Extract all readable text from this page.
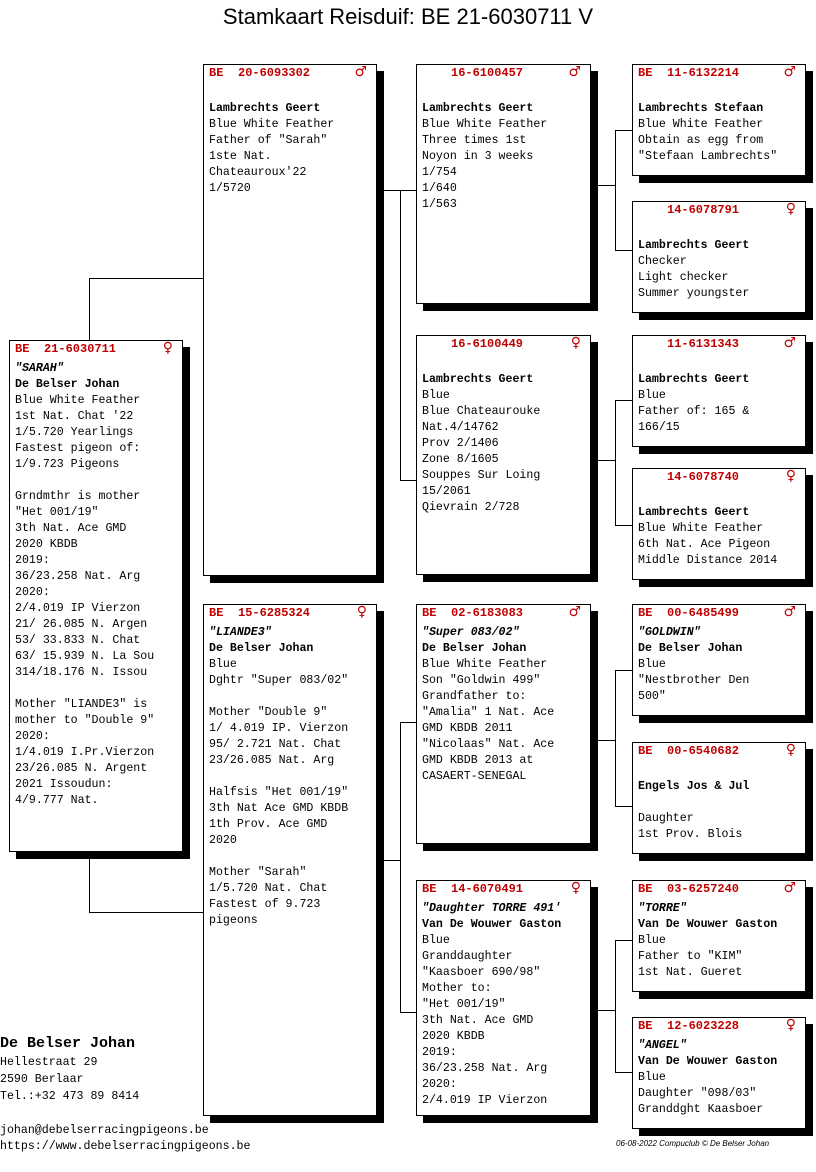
Stamkaart Reisduif: BE 21-6030711 V
BE 21-6030711	♀
"SARAH"
De Belser Johan
Blue White Feather
1st Nat. Chat '22
1/5.720 Yearlings
Fastest pigeon of:
1/9.723 Pigeons

Grndmthr is mother
"Het 001/19"
3th Nat. Ace GMD
2020 KBDB
2019:
36/23.258 Nat. Arg
2020:
2/4.019 IP Vierzon
21/ 26.085 N. Argen
53/ 33.833 N. Chat
63/ 15.939 N. La Sou
314/18.176 N. Issou

Mother "LIANDE3" is
mother to "Double 9"
2020:
1/4.019 I.Pr.Vierzon
23/26.085 N. Argent
2021 Issoudun:
4/9.777 Nat.
BE 20-6093302	♂

Lambrechts Geert
Blue White Feather
Father of "Sarah"
1ste Nat.
Chateauroux'22
1/5720
BE 15-6285324	♀
"LIANDE3"
De Belser Johan
Blue
Dghtr "Super 083/02"

Mother "Double 9"
1/ 4.019 IP. Vierzon
95/ 2.721 Nat. Chat
23/26.085 Nat. Arg

Halfsis "Het 001/19"
3th Nat Ace GMD KBDB
1th Prov. Ace GMD
2020

Mother "Sarah"
1/5.720 Nat. Chat
Fastest of 9.723
pigeons
16-6100457	♂

Lambrechts Geert
Blue White Feather
Three times 1st
Noyon in 3 weeks
1/754
1/640
1/563
16-6100449	♀

Lambrechts Geert
Blue
Blue Chateaurouke
Nat.4/14762
Prov 2/1406
Zone 8/1605
Souppes Sur Loing
15/2061
Qievrain 2/728
BE 02-6183083	♂
"Super 083/02"
De Belser Johan
Blue White Feather
Son "Goldwin 499"
Grandfather to:
"Amalia" 1 Nat. Ace
GMD KBDB 2011
"Nicolaas" Nat. Ace
GMD KBDB 2013 at
CASAERT-SENEGAL
BE 14-6070491	♀
"Daughter TORRE 491'
Van De Wouwer Gaston
Blue
Granddaughter
"Kaasboer 690/98"
Mother to:
"Het 001/19"
3th Nat. Ace GMD
2020 KBDB
2019:
36/23.258 Nat. Arg
2020:
2/4.019 IP Vierzon
BE 11-6132214	♂

Lambrechts Stefaan
Blue White Feather
Obtain as egg from
"Stefaan Lambrechts"
14-6078791	♀

Lambrechts Geert
Checker
Light checker
Summer youngster
11-6131343	♂

Lambrechts Geert
Blue
Father of: 165 &
166/15
14-6078740	♀

Lambrechts Geert
Blue White Feather
6th Nat. Ace Pigeon
Middle Distance 2014
BE 00-6485499	♂
"GOLDWIN"
De Belser Johan
Blue
"Nestbrother Den
500"
BE 00-6540682	♀

Engels Jos & Jul

Daughter
1st Prov. Blois
BE 03-6257240	♂
"TORRE"
Van De Wouwer Gaston
Blue
Father to "KIM"
1st Nat. Gueret
BE 12-6023228	♀
"ANGEL"
Van De Wouwer Gaston
Blue
Daughter "098/03"
Granddght Kaasboer
De Belser Johan
Hellestraat 29
2590 Berlaar
Tel.:+32 473 89 8414
johan@debelserracingpigeons.be
https://www.debelserracingpigeons.be	06-08-2022 Compuclub © De Belser Johan
